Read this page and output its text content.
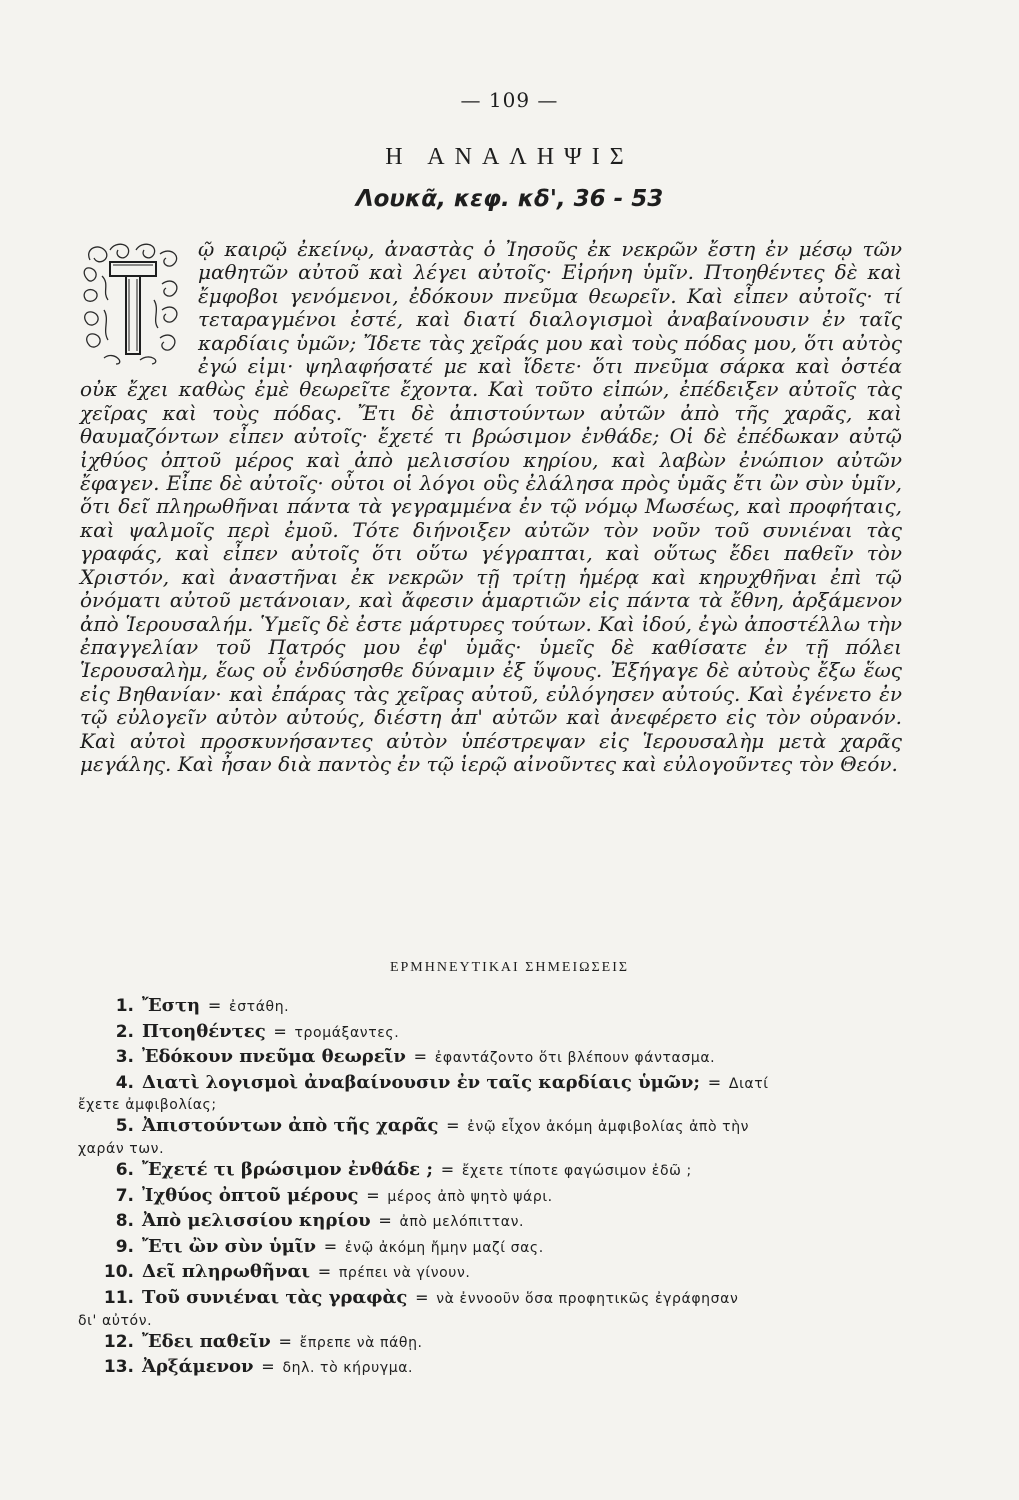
— 109 —
Η ΑΝΑΛΗΨΙΣ
Λουκᾶ, κεφ. κδ', 36 - 53
Τ
ῷ καιρῷ ἐκείνῳ, ἀναστὰς ὁ Ἰησοῦς ἐκ νεκρῶν ἔστη ἐν μέσῳ τῶν μαθητῶν αὐτοῦ καὶ λέγει αὐτοῖς· Εἰρήνη ὑμῖν. Πτοηθέντες δὲ καὶ ἔμφοβοι γενόμενοι, ἐδόκουν πνεῦμα θεωρεῖν. Καὶ εἶπεν αὐτοῖς· τί τεταραγμένοι ἐστέ, καὶ διατί διαλογισμοὶ ἀναβαίνουσιν ἐν ταῖς καρδίαις ὑμῶν; Ἴδετε τὰς χεῖράς μου καὶ τοὺς πόδας μου, ὅτι αὐτὸς ἐγώ εἰμι· ψηλαφήσατέ με καὶ ἴδετε· ὅτι πνεῦμα σάρκα καὶ ὀστέα οὐκ ἔχει καθὼς ἐμὲ θεωρεῖτε ἔχοντα. Καὶ τοῦτο εἰπών, ἐπέδειξεν αὐτοῖς τὰς χεῖρας καὶ τοὺς πόδας. Ἔτι δὲ ἀπιστούντων αὐτῶν ἀπὸ τῆς χαρᾶς, καὶ θαυμαζόντων εἶπεν αὐτοῖς· ἔχετέ τι βρώσιμον ἐνθάδε; Οἱ δὲ ἐπέδωκαν αὐτῷ ἰχθύος ὀπτοῦ μέρος καὶ ἀπὸ μελισσίου κηρίου, καὶ λαβὼν ἐνώπιον αὐτῶν ἔφαγεν. Εἶπε δὲ αὐτοῖς· οὗτοι οἱ λόγοι οὓς ἐλάλησα πρὸς ὑμᾶς ἔτι ὢν σὺν ὑμῖν, ὅτι δεῖ πληρωθῆναι πάντα τὰ γεγραμμένα ἐν τῷ νόμῳ Μωσέως, καὶ προφήταις, καὶ ψαλμοῖς περὶ ἐμοῦ. Τότε διήνοιξεν αὐτῶν τὸν νοῦν τοῦ συνιέναι τὰς γραφάς, καὶ εἶπεν αὐτοῖς ὅτι οὕτω γέγραπται, καὶ οὕτως ἔδει παθεῖν τὸν Χριστόν, καὶ ἀναστῆναι ἐκ νεκρῶν τῇ τρίτῃ ἡμέρᾳ καὶ κηρυχθῆναι ἐπὶ τῷ ὀνόματι αὐτοῦ μετάνοιαν, καὶ ἄφεσιν ἁμαρτιῶν εἰς πάντα τὰ ἔθνη, ἀρξάμενον ἀπὸ Ἱερουσαλήμ. Ὑμεῖς δὲ ἐστε μάρτυρες τούτων. Καὶ ἰδού, ἐγὼ ἀποστέλλω τὴν ἐπαγγελίαν τοῦ Πατρός μου ἐφ' ὑμᾶς· ὑμεῖς δὲ καθίσατε ἐν τῇ πόλει Ἱερουσαλὴμ, ἕως οὗ ἐνδύσησθε δύναμιν ἐξ ὕψους. Ἐξήγαγε δὲ αὐτοὺς ἔξω ἕως εἰς Βηθανίαν· καὶ ἐπάρας τὰς χεῖρας αὐτοῦ, εὐλόγησεν αὐτούς. Καὶ ἐγένετο ἐν τῷ εὐλογεῖν αὐτὸν αὐτούς, διέστη ἀπ' αὐτῶν καὶ ἀνεφέρετο εἰς τὸν οὐρανόν. Καὶ αὐτοὶ προσκυνήσαντες αὐτὸν ὑπέστρεψαν εἰς Ἱερουσαλὴμ μετὰ χαρᾶς μεγάλης. Καὶ ἦσαν διὰ παντὸς ἐν τῷ ἱερῷ αἰνοῦντες καὶ εὐλογοῦντες τὸν Θεόν.
ΕΡΜΗΝΕΥΤΙΚΑΙ ΣΗΜΕΙΩΣΕΙΣ

1. Ἔστη = ἐστάθη.

2. Πτοηθέντες = τρομάξαντες.

3. Ἐδόκουν πνεῦμα θεωρεῖν = ἐφαντάζοντο ὅτι βλέπουν φάντασμα.

4. Διατὶ λογισμοὶ ἀναβαίνουσιν ἐν ταῖς καρδίαις ὑμῶν; = Διατί
ἔχετε ἀμφιβολίας;

5. Ἀπιστούντων ἀπὸ τῆς χαρᾶς = ἐνῷ εἶχον ἀκόμη ἀμφιβολίας ἀπὸ τὴν
χαράν των.

6. Ἔχετέ τι βρώσιμον ἐνθάδε ; = ἔχετε τίποτε φαγώσιμον ἐδῶ ;

7. Ἰχθύος ὀπτοῦ μέρους = μέρος ἀπὸ ψητὸ ψάρι.

8. Ἀπὸ μελισσίου κηρίου = ἀπὸ μελόπιτταν.

9. Ἔτι ὢν σὺν ὑμῖν = ἐνῷ ἀκόμη ἤμην μαζί σας.

10. Δεῖ πληρωθῆναι = πρέπει νὰ γίνουν.

11. Τοῦ συνιέναι τὰς γραφὰς = νὰ ἐννοοῦν ὅσα προφητικῶς ἐγράφησαν
δι' αὐτόν.

12. Ἔδει παθεῖν = ἔπρεπε νὰ πάθῃ.

13. Ἀρξάμενον = δηλ. τὸ κήρυγμα.
